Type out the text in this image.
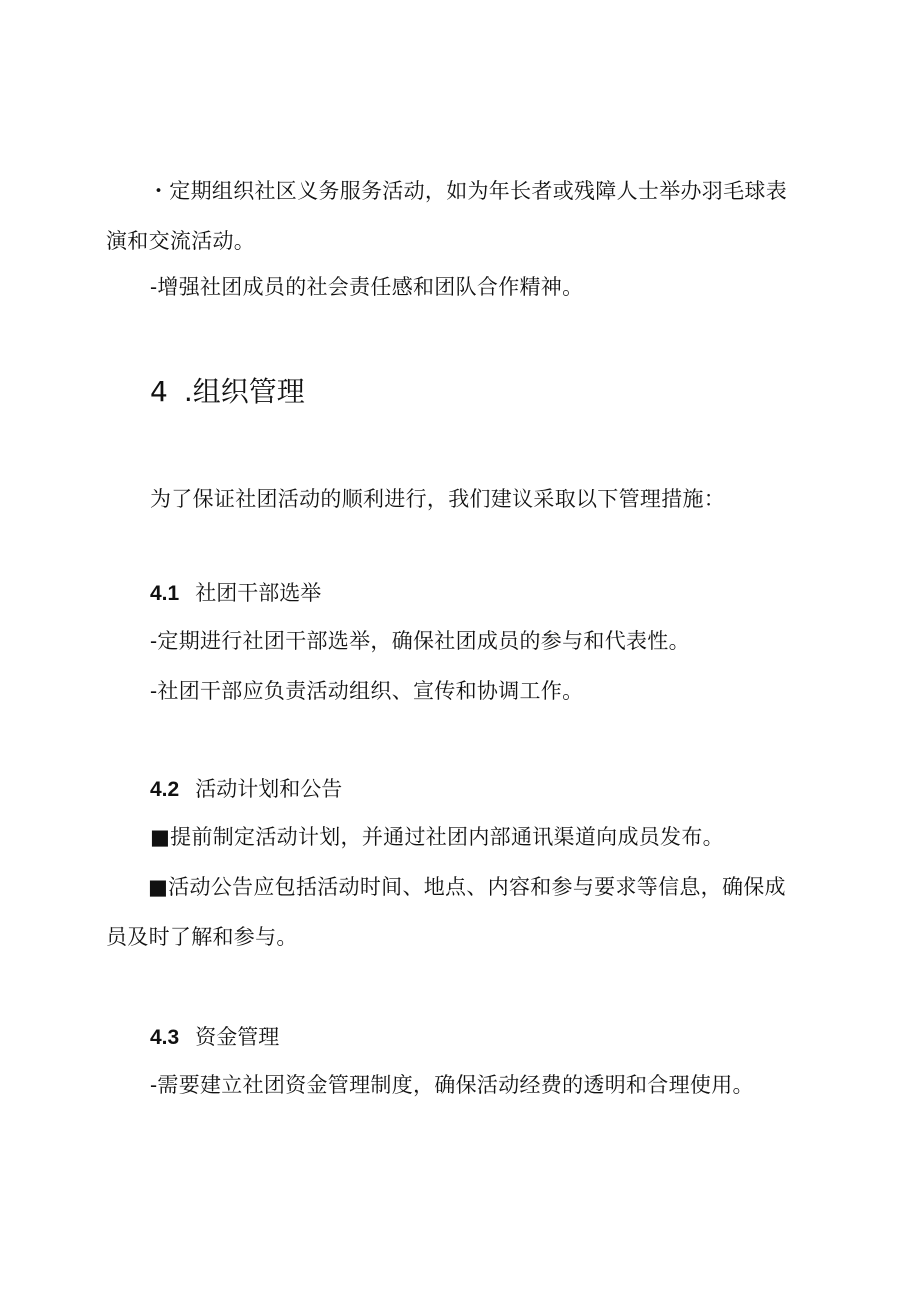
・定期组织社区义务服务活动，如为年长者或残障人士举办羽毛球表演和交流活动。

-增强社团成员的社会责任感和团队合作精神。
4 .组织管理
为了保证社团活动的顺利进行，我们建议采取以下管理措施：
4.1 社团干部选举
-定期进行社团干部选举，确保社团成员的参与和代表性。
-社团干部应负责活动组织、宣传和协调工作。
4.2 活动计划和公告
■提前制定活动计划，并通过社团内部通讯渠道向成员发布。

■活动公告应包括活动时间、地点、内容和参与要求等信息，确保成员及时了解和参与。

4.3 资金管理
-需要建立社团资金管理制度，确保活动经费的透明和合理使用。
